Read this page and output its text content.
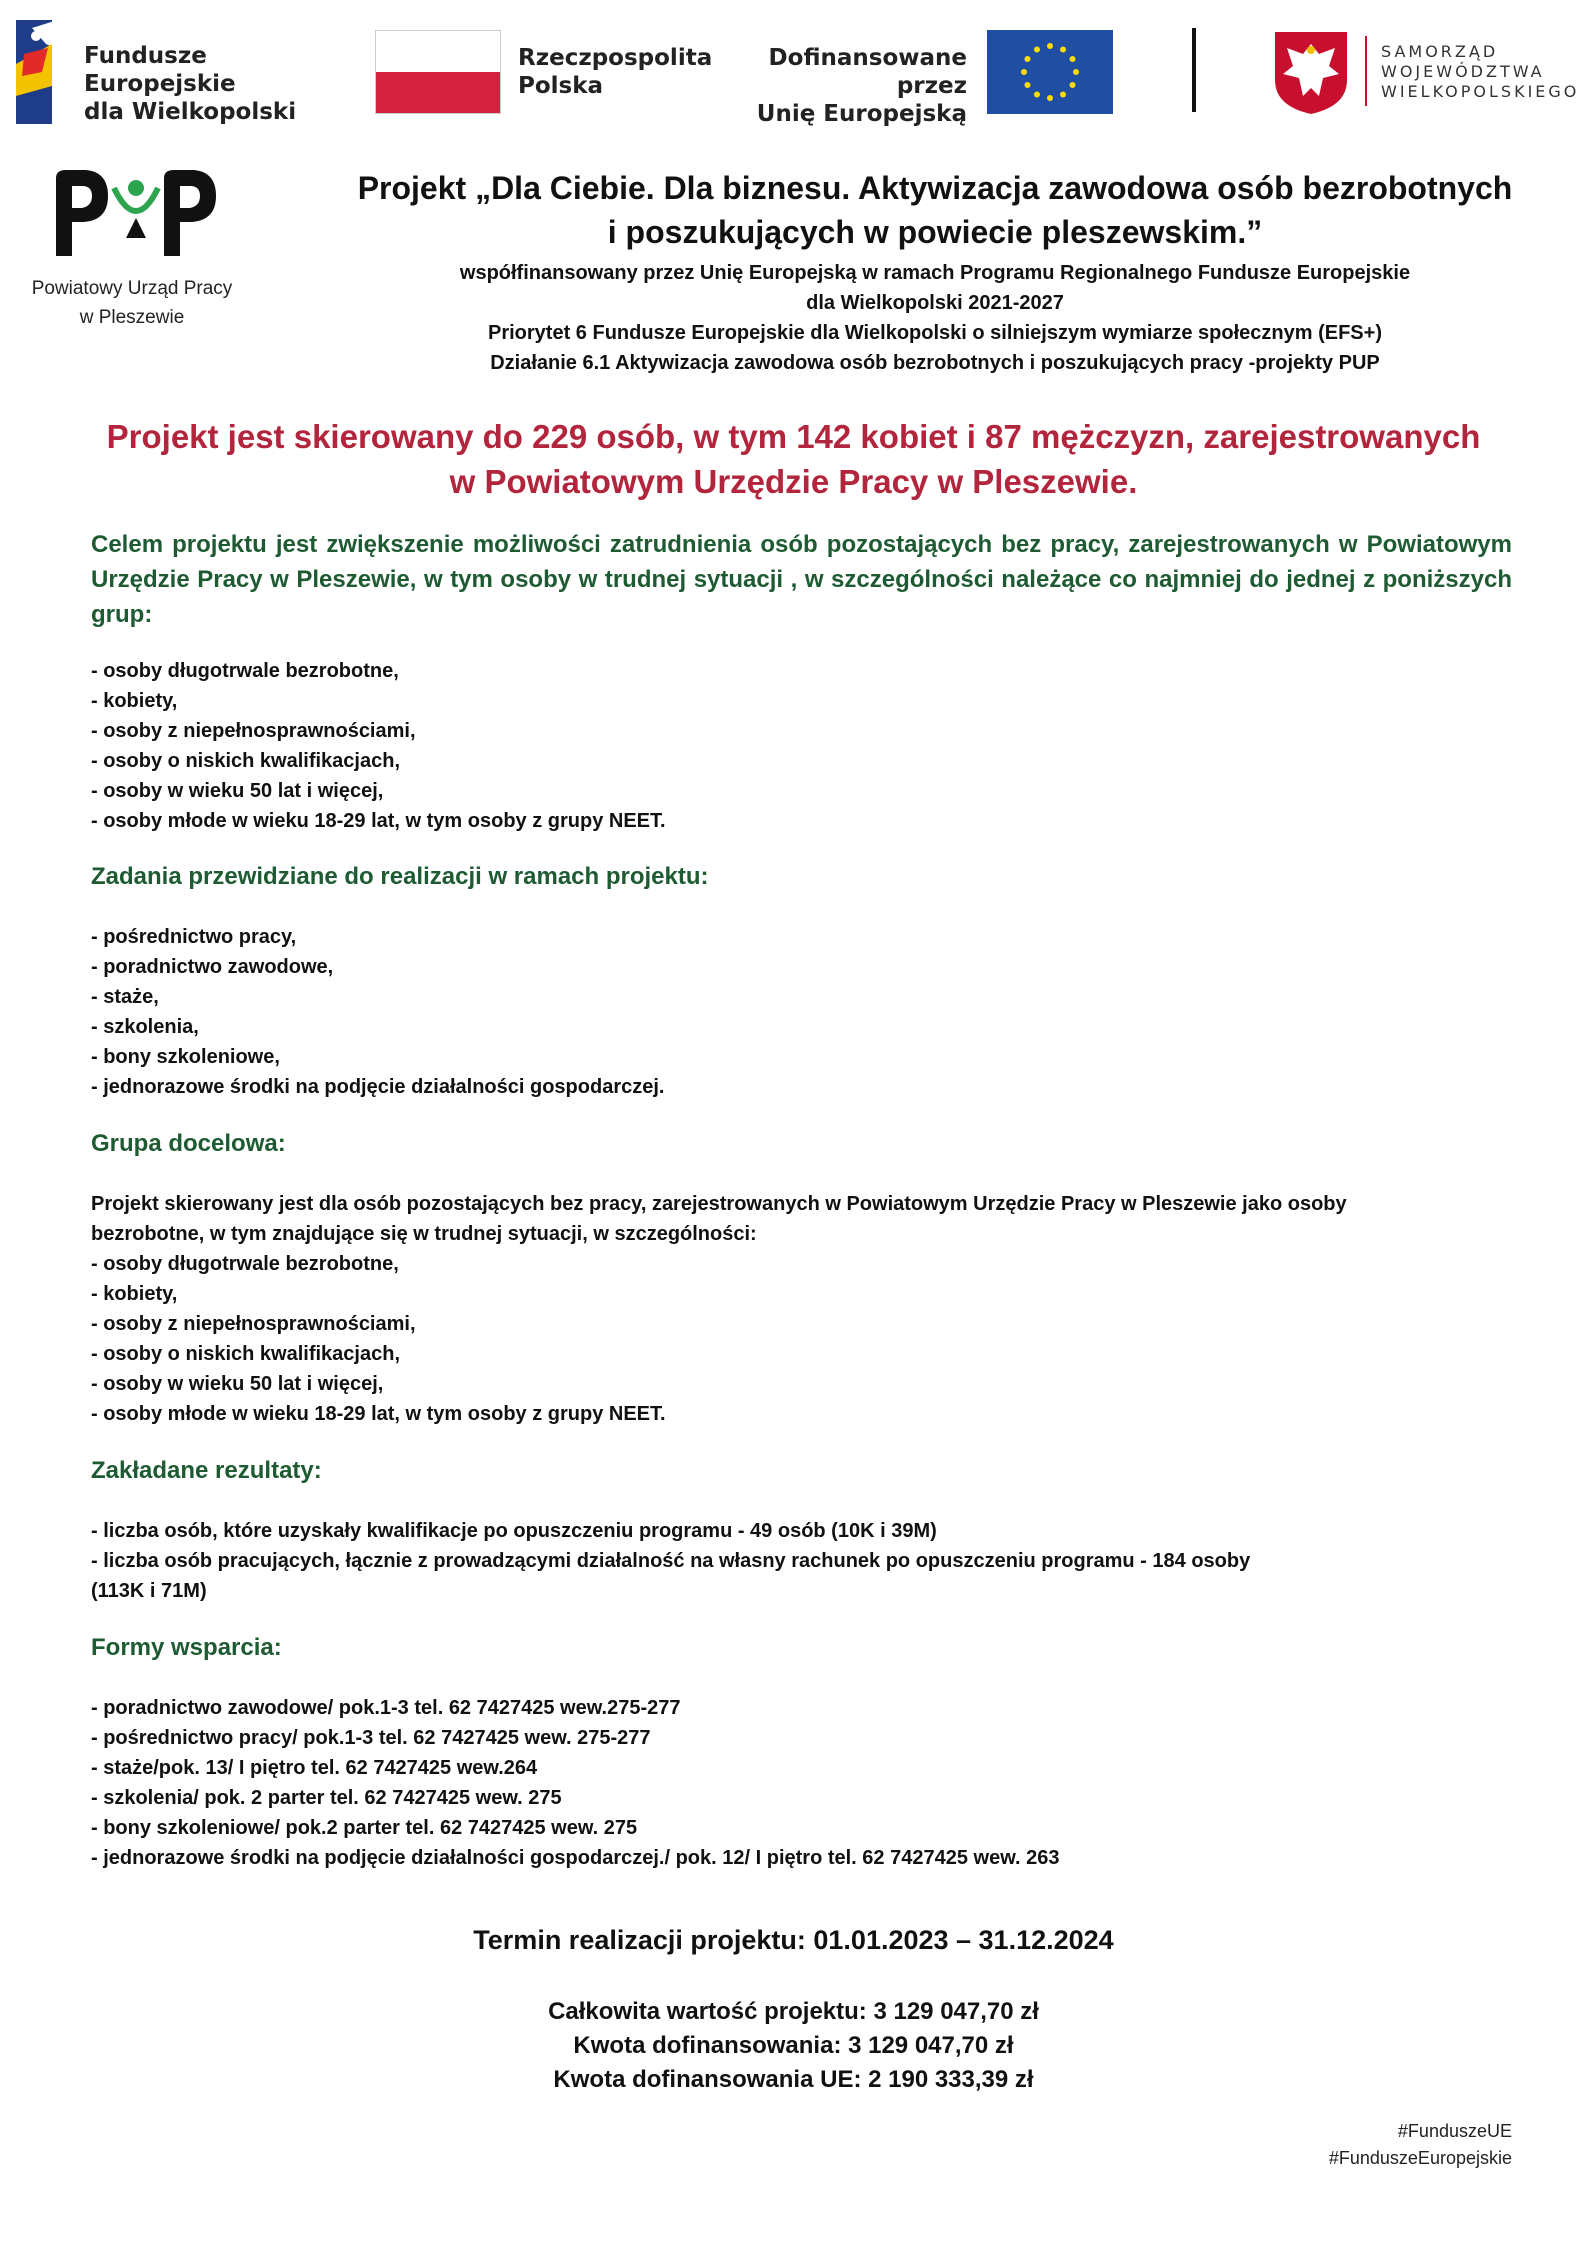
Fundusze Europejskie
dla Wielkopolski
Rzeczpospolita
Polska
Dofinansowane przez
Unię Europejską
SAMORZĄD
WOJEWÓDZTWA
WIELKOPOLSKIEGO
Powiatowy Urząd Pracy
w Pleszewie
Projekt „Dla Ciebie. Dla biznesu. Aktywizacja zawodowa osób bezrobotnych
i poszukujących w powiecie pleszewskim.”
współfinansowany przez Unię Europejską w ramach Programu Regionalnego Fundusze Europejskie
dla Wielkopolski 2021-2027
Priorytet 6 Fundusze Europejskie dla Wielkopolski o silniejszym wymiarze społecznym (EFS+)
Działanie 6.1 Aktywizacja zawodowa osób bezrobotnych i poszukujących pracy -projekty PUP
Projekt jest skierowany do 229 osób, w tym 142 kobiet i 87 mężczyzn, zarejestrowanych
w Powiatowym Urzędzie Pracy w Pleszewie.
Celem projektu jest zwiększenie możliwości zatrudnienia osób pozostających bez pracy, zarejestrowanych w Powiatowym Urzędzie Pracy w Pleszewie, w tym osoby w trudnej sytuacji , w szczególności należące co najmniej do jednej z poniższych grup:
- osoby długotrwale bezrobotne,
- kobiety,
- osoby z niepełnosprawnościami,
- osoby o niskich kwalifikacjach,
- osoby w wieku 50 lat i więcej,
- osoby młode w wieku 18-29 lat, w tym osoby z grupy NEET.
Zadania przewidziane do realizacji w ramach projektu:
- pośrednictwo pracy,
- poradnictwo zawodowe,
- staże,
- szkolenia,
- bony szkoleniowe,
- jednorazowe środki na podjęcie działalności gospodarczej.
Grupa docelowa:
Projekt skierowany jest dla osób pozostających bez pracy, zarejestrowanych w Powiatowym Urzędzie Pracy w Pleszewie jako osoby
bezrobotne, w tym znajdujące się w trudnej sytuacji, w szczególności:
- osoby długotrwale bezrobotne,
- kobiety,
- osoby z niepełnosprawnościami,
- osoby o niskich kwalifikacjach,
- osoby w wieku 50 lat i więcej,
- osoby młode w wieku 18-29 lat, w tym osoby z grupy NEET.
Zakładane rezultaty:
- liczba osób, które uzyskały kwalifikacje po opuszczeniu programu - 49 osób (10K i 39M)
- liczba osób pracujących, łącznie z prowadzącymi działalność na własny rachunek po opuszczeniu programu - 184 osoby
(113K i 71M)
Formy wsparcia:
- poradnictwo zawodowe/ pok.1-3 tel. 62 7427425 wew.275-277
- pośrednictwo pracy/ pok.1-3 tel. 62 7427425 wew. 275-277
- staże/pok. 13/ I piętro tel. 62 7427425 wew.264
- szkolenia/ pok. 2 parter tel. 62 7427425 wew. 275
- bony szkoleniowe/ pok.2 parter tel. 62 7427425 wew. 275
- jednorazowe środki na podjęcie działalności gospodarczej./ pok. 12/ I piętro tel. 62 7427425 wew. 263
Termin realizacji projektu: 01.01.2023 – 31.12.2024
Całkowita wartość projektu: 3 129 047,70 zł
Kwota dofinansowania: 3 129 047,70 zł
Kwota dofinansowania UE: 2 190 333,39 zł
#FunduszeUE
#FunduszeEuropejskie
